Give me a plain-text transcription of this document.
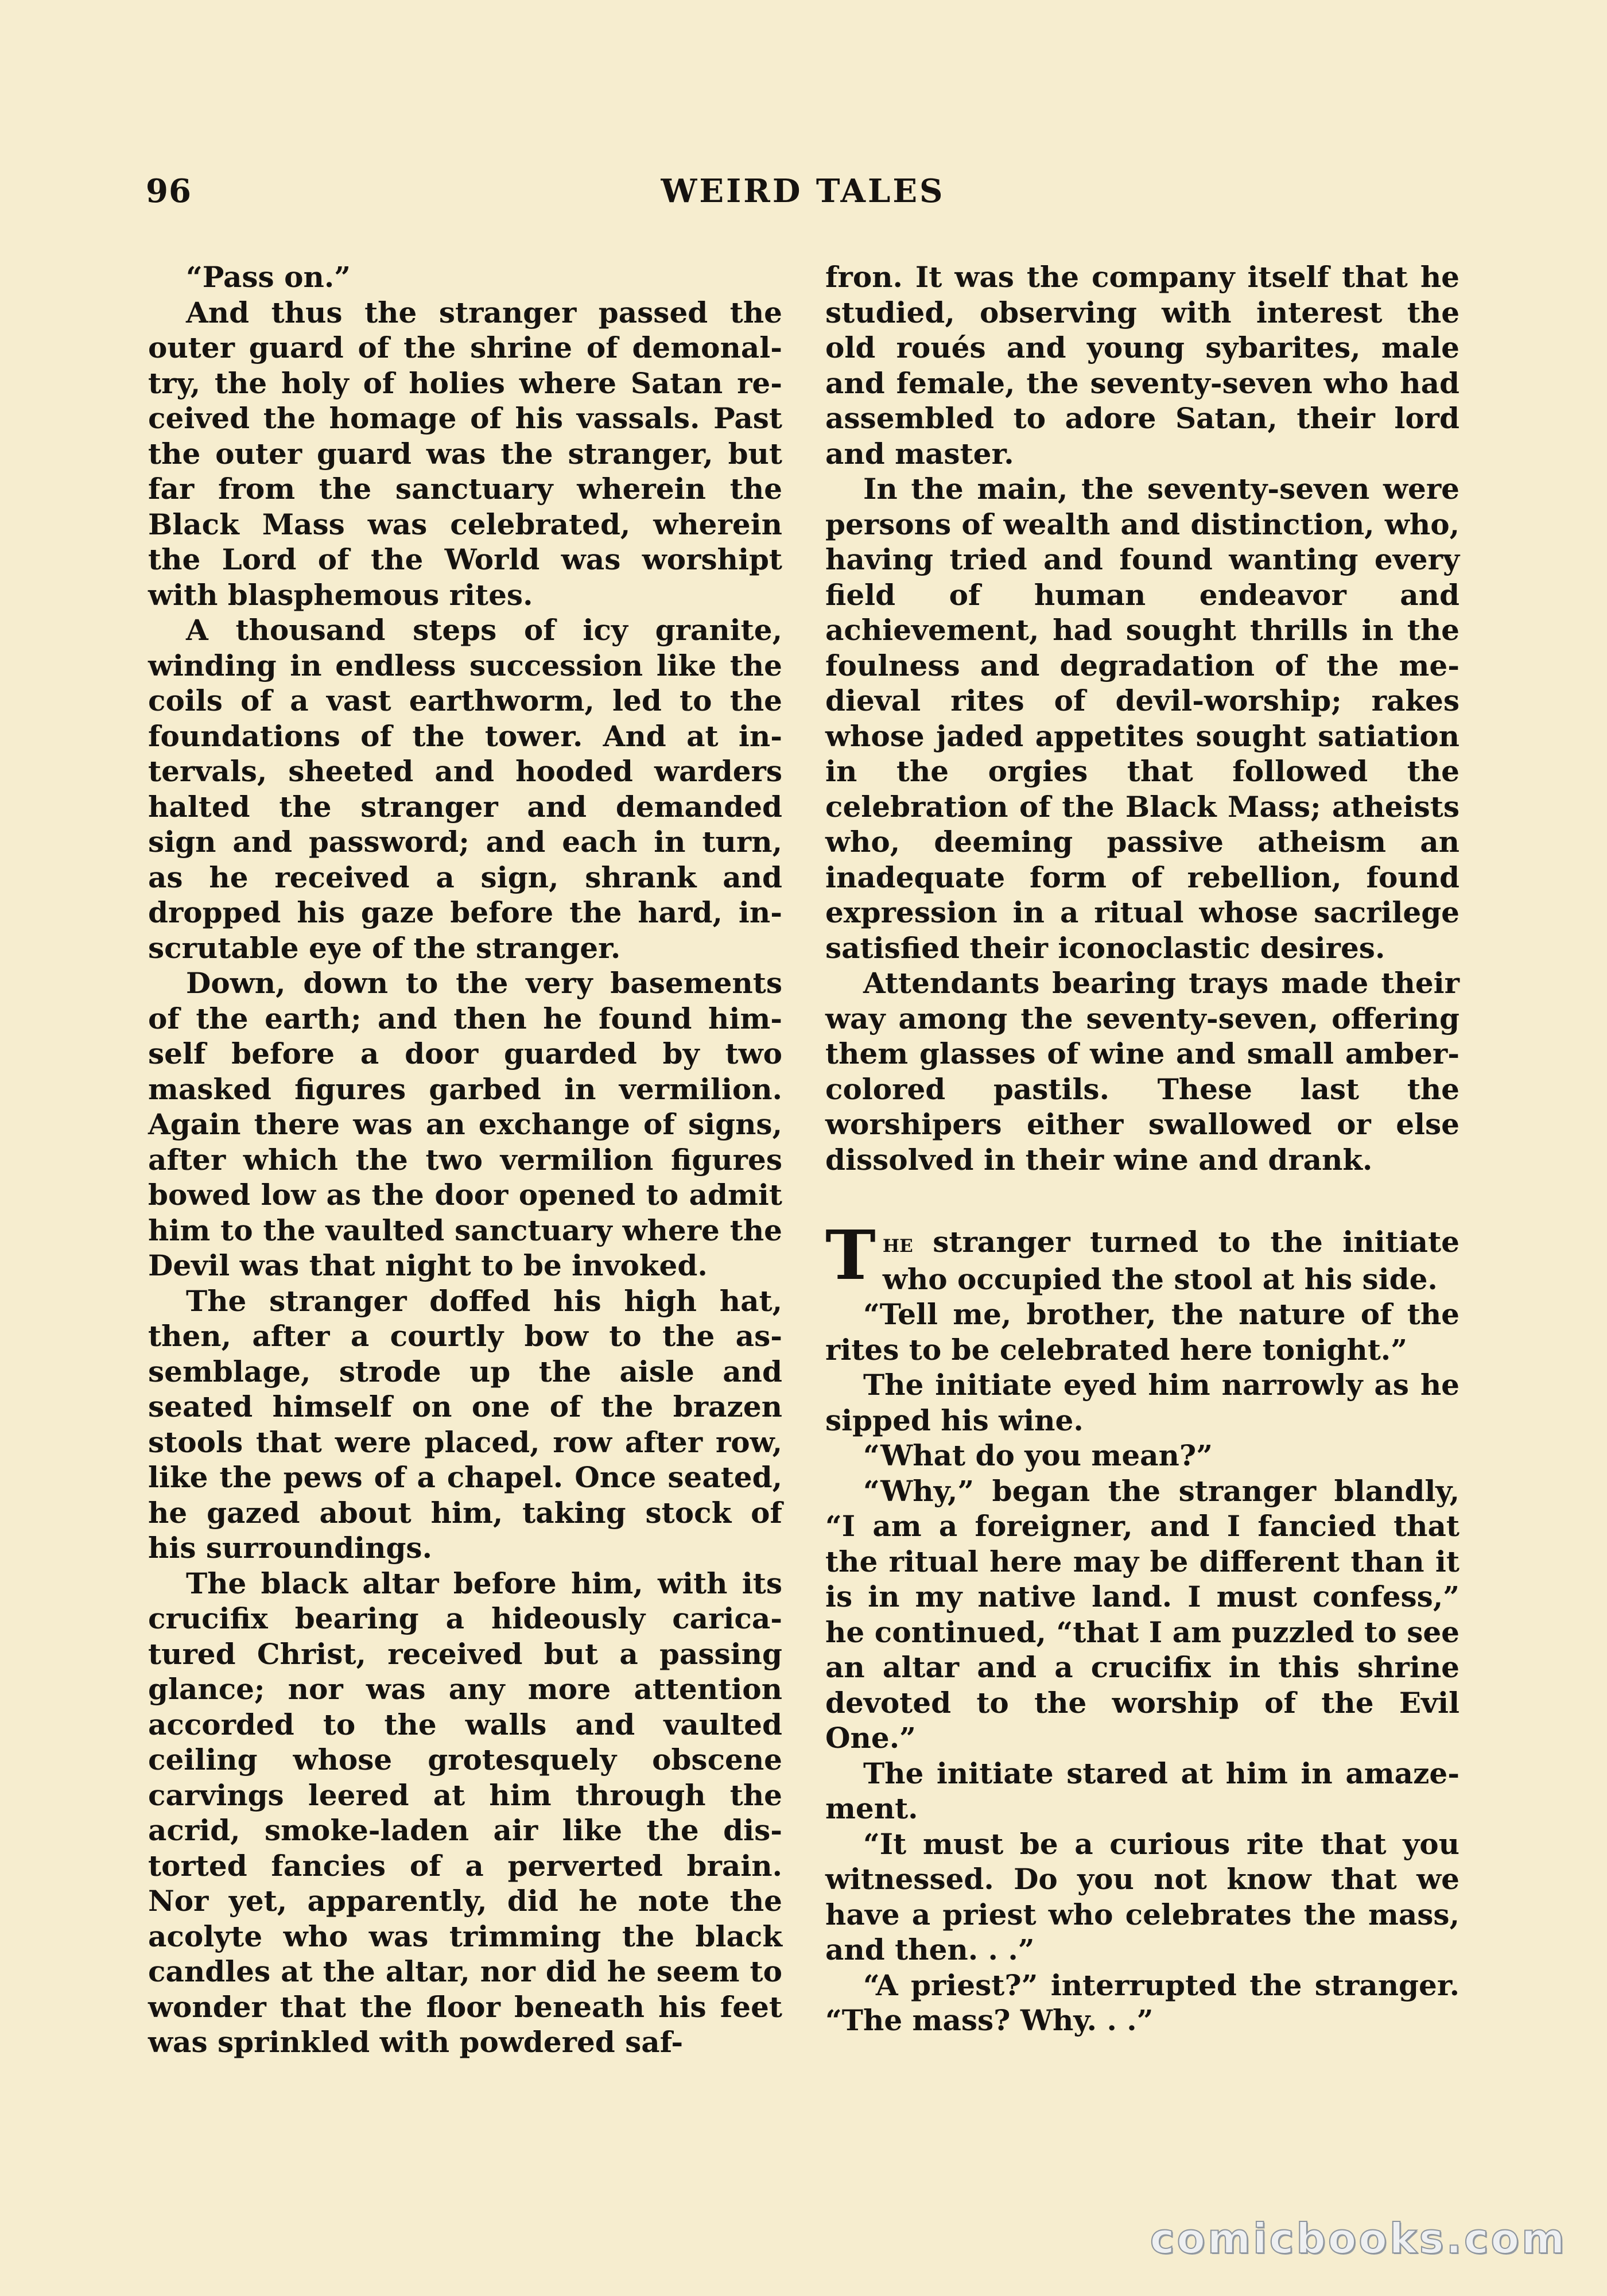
96	WEIRD TALES

“Pass on.”

And thus the stranger passed the outer guard of the shrine of demonaltry, the holy of holies where Satan received the homage of his vassals. Past the outer guard was the stranger, but far from the sanctuary wherein the Black Mass was celebrated, wherein the Lord of the World was worshipt with blasphemous rites.

A thousand steps of icy granite, winding in endless succession like the coils of a vast earthworm, led to the foundations of the tower. And at intervals, sheeted and hooded warders halted the stranger and demanded sign and password; and each in turn, as he received a sign, shrank and dropped his gaze before the hard, inscrutable eye of the stranger.

Down, down to the very basements of the earth; and then he found himself before a door guarded by two masked figures garbed in vermilion. Again there was an exchange of signs, after which the two vermilion figures bowed low as the door opened to admit him to the vaulted sanctuary where the Devil was that night to be invoked.

The stranger doffed his high hat, then, after a courtly bow to the assemblage, strode up the aisle and seated himself on one of the brazen stools that were placed, row after row, like the pews of a chapel. Once seated, he gazed about him, taking stock of his surroundings.

The black altar before him, with its crucifix bearing a hideously caricatured Christ, received but a passing glance; nor was any more attention accorded to the walls and vaulted ceiling whose grotesquely obscene carvings leered at him through the acrid, smoke-laden air like the distorted fancies of a perverted brain. Nor yet, apparently, did he note the acolyte who was trimming the black candles at the altar, nor did he seem to wonder that the floor beneath his feet was sprinkled with powdered saf-

fron. It was the company itself that he studied, observing with interest the old roués and young sybarites, male and female, the seventy-seven who had assembled to adore Satan, their lord and master.

In the main, the seventy-seven were persons of wealth and distinction, who, having tried and found wanting every field of human endeavor and achievement, had sought thrills in the foulness and degradation of the medieval rites of devil-worship; rakes whose jaded appetites sought satiation in the orgies that followed the celebration of the Black Mass; atheists who, deeming passive atheism an inadequate form of rebellion, found expression in a ritual whose sacrilege satisfied their iconoclastic desires.

Attendants bearing trays made their way among the seventy-seven, offering them glasses of wine and small amber-colored pastils. These last the worshipers either swallowed or else dissolved in their wine and drank.

The stranger turned to the initiate who occupied the stool at his side.

“Tell me, brother, the nature of the rites to be celebrated here tonight.”

The initiate eyed him narrowly as he sipped his wine.

“What do you mean?”

“Why,” began the stranger blandly, “I am a foreigner, and I fancied that the ritual here may be different than it is in my native land. I must confess,” he continued, “that I am puzzled to see an altar and a crucifix in this shrine devoted to the worship of the Evil One.”

The initiate stared at him in amazement.

“It must be a curious rite that you witnessed. Do you not know that we have a priest who celebrates the mass, and then. . .”

“A priest?” interrupted the stranger. “The mass? Why. . .”

comicbooks.com
